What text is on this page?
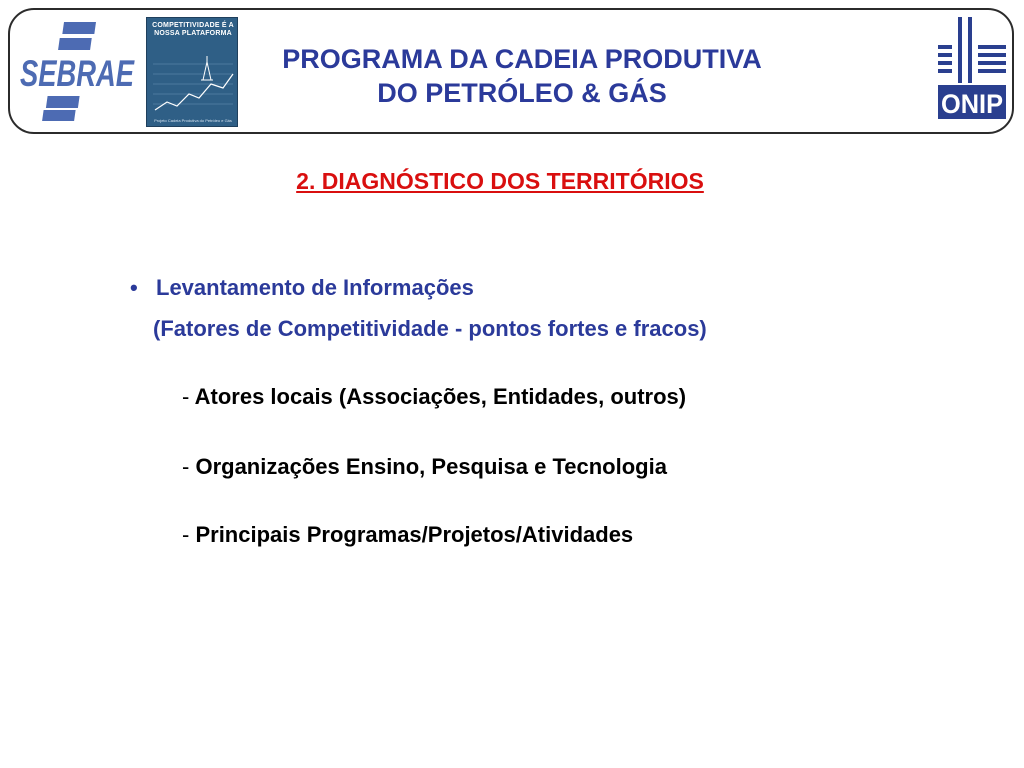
SEBRAE
COMPETITIVIDADE É A NOSSA PLATAFORMA
Projeto Cadeia Produtiva do Petróleo e Gás
PROGRAMA DA CADEIA PRODUTIVA
DO PETRÓLEO & GÁS	ONIP
2. DIAGNÓSTICO DOS TERRITÓRIOS
• Levantamento de Informações
(Fatores de Competitividade - pontos fortes e fracos)
- Atores locais (Associações, Entidades, outros)
- Organizações Ensino, Pesquisa e Tecnologia
- Principais Programas/Projetos/Atividades
